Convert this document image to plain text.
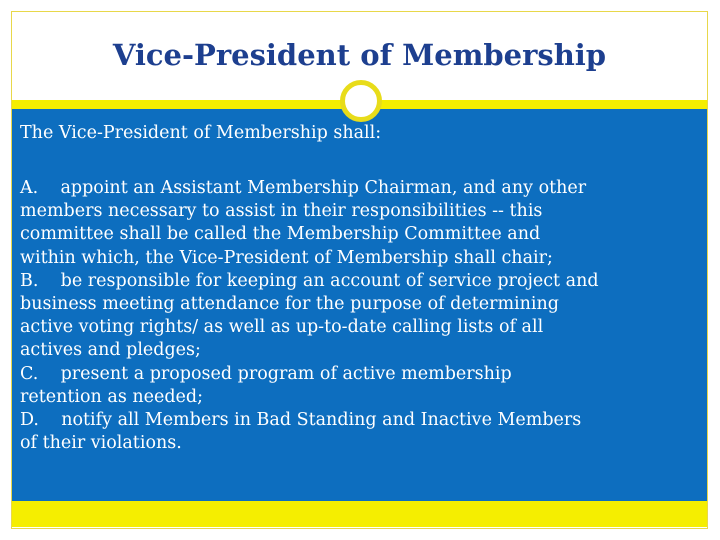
Vice-President of Membership

The Vice-President of Membership shall:

A.    appoint an Assistant Membership Chairman, and any other
members necessary to assist in their responsibilities -- this
committee shall be called the Membership Committee and
within which, the Vice-President of Membership shall chair;
B.    be responsible for keeping an account of service project and
business meeting attendance for the purpose of determining
active voting rights/ as well as up-to-date calling lists of all
actives and pledges;
C.    present a proposed program of active membership
retention as needed;
D.    notify all Members in Bad Standing and Inactive Members
of their violations.
